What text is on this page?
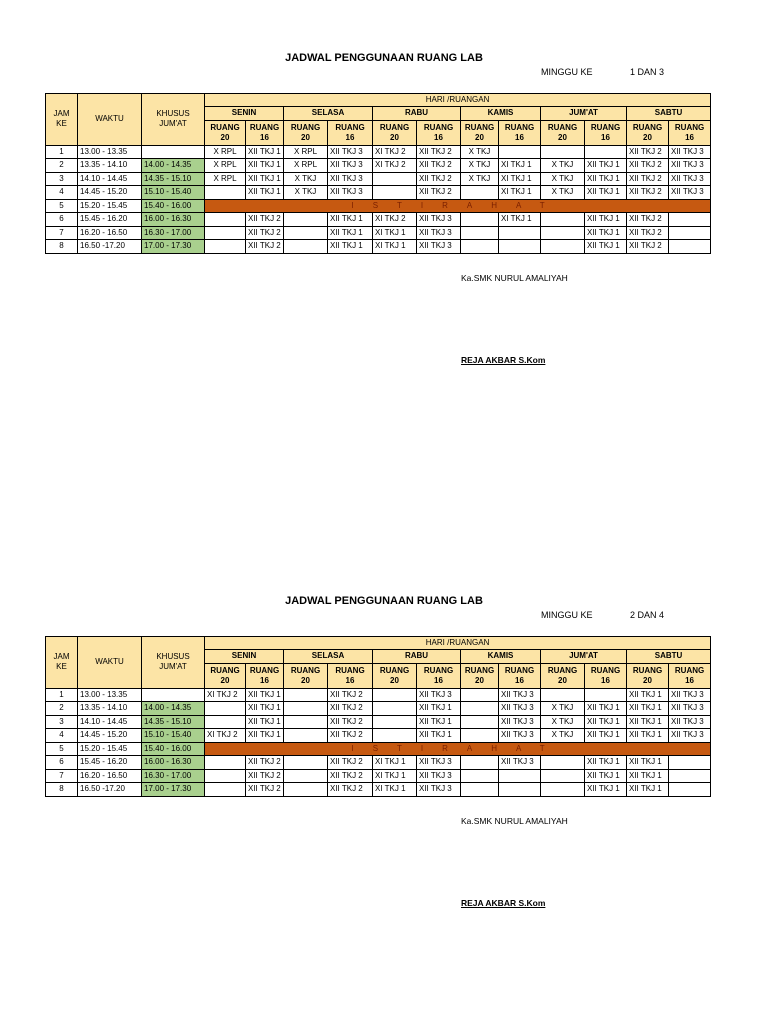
JADWAL PENGGUNAAN RUANG LAB
MINGGU KE	1 DAN 3
JAM KE	WAKTU	KHUSUS JUM'AT	HARI /RUANGAN											
			SENIN		SELASA		RABU		KAMIS		JUM'AT		SABTU	
			RUANG 20	RUANG 16	RUANG 20	RUANG 16	RUANG 20	RUANG 16	RUANG 20	RUANG 16	RUANG 20	RUANG 16	RUANG 20	RUANG 16
1	13.00 - 13.35		X RPL	XII TKJ 1	X RPL	XII TKJ 3	XI TKJ 2	XII TKJ 2	X TKJ				XII TKJ 2	XII TKJ 3
2	13.35 - 14.10	14.00 - 14.35	X RPL	XII TKJ 1	X RPL	XII TKJ 3	XI TKJ 2	XII TKJ 2	X TKJ	XI TKJ 1	X TKJ	XII TKJ 1	XII TKJ 2	XII TKJ 3
3	14.10 - 14.45	14.35 - 15.10	X RPL	XII TKJ 1	X TKJ	XII TKJ 3		XII TKJ 2	X TKJ	XI TKJ 1	X TKJ	XII TKJ 1	XII TKJ 2	XII TKJ 3
4	14.45 - 15.20	15.10 - 15.40		XII TKJ 1	X TKJ	XII TKJ 3		XII TKJ 2		XI TKJ 1	X TKJ	XII TKJ 1	XII TKJ 2	XII TKJ 3
5	15.20 - 15.45	15.40 - 16.00	ISTIRAHAT											
6	15.45 - 16.20	16.00 - 16.30		XII TKJ 2		XII TKJ 1	XI TKJ 2	XII TKJ 3		XI TKJ 1		XII TKJ 1	XII TKJ 2	
7	16.20 - 16.50	16.30 - 17.00		XII TKJ 2		XII TKJ 1	XI TKJ 1	XII TKJ 3				XII TKJ 1	XII TKJ 2	
8	16.50 -17.20	17.00 - 17.30		XII TKJ 2		XII TKJ 1	XI TKJ 1	XII TKJ 3				XII TKJ 1	XII TKJ 2	
Ka.SMK NURUL AMALIYAH
REJA AKBAR S.Kom
JADWAL PENGGUNAAN RUANG LAB
MINGGU KE	2 DAN 4
JAM KE	WAKTU	KHUSUS JUM'AT	HARI /RUANGAN											
			SENIN		SELASA		RABU		KAMIS		JUM'AT		SABTU	
			RUANG 20	RUANG 16	RUANG 20	RUANG 16	RUANG 20	RUANG 16	RUANG 20	RUANG 16	RUANG 20	RUANG 16	RUANG 20	RUANG 16
1	13.00 - 13.35		XI TKJ 2	XII TKJ 1		XII TKJ 2		XII TKJ 3		XII TKJ 3			XII TKJ 1	XII TKJ 3
2	13.35 - 14.10	14.00 - 14.35		XII TKJ 1		XII TKJ 2		XII TKJ 1		XII TKJ 3	X TKJ	XII TKJ 1	XII TKJ 1	XII TKJ 3
3	14.10 - 14.45	14.35 - 15.10		XII TKJ 1		XII TKJ 2		XII TKJ 1		XII TKJ 3	X TKJ	XII TKJ 1	XII TKJ 1	XII TKJ 3
4	14.45 - 15.20	15.10 - 15.40	XI TKJ 2	XII TKJ 1		XII TKJ 2		XII TKJ 1		XII TKJ 3	X TKJ	XII TKJ 1	XII TKJ 1	XII TKJ 3
5	15.20 - 15.45	15.40 - 16.00	ISTIRAHAT											
6	15.45 - 16.20	16.00 - 16.30		XII TKJ 2		XII TKJ 2	XI TKJ 1	XII TKJ 3		XII TKJ 3		XII TKJ 1	XII TKJ 1	
7	16.20 - 16.50	16.30 - 17.00		XII TKJ 2		XII TKJ 2	XI TKJ 1	XII TKJ 3				XII TKJ 1	XII TKJ 1	
8	16.50 -17.20	17.00 - 17.30		XII TKJ 2		XII TKJ 2	XI TKJ 1	XII TKJ 3				XII TKJ 1	XII TKJ 1	
Ka.SMK NURUL AMALIYAH
REJA AKBAR S.Kom
